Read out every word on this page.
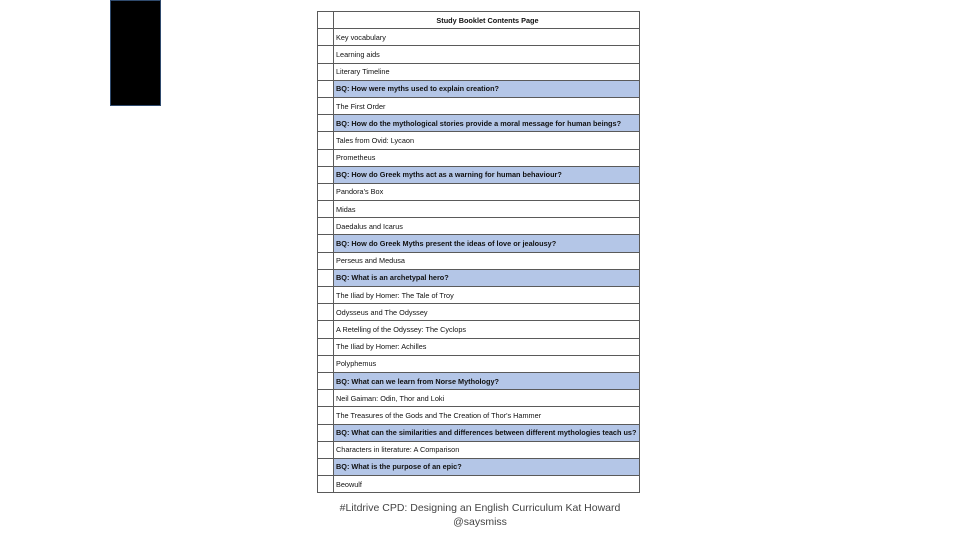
	Study Booklet Contents Page
	Key vocabulary
	Learning aids
	Literary Timeline
	BQ: How were myths used to explain creation?
	The First Order
	BQ: How do the mythological stories provide a moral message for human beings?
	Tales from Ovid: Lycaon
	Prometheus
	BQ: How do Greek myths act as a warning for human behaviour?
	Pandora's Box
	Midas
	Daedalus and Icarus
	BQ: How do Greek Myths present the ideas of love or jealousy?
	Perseus and Medusa
	BQ: What is an archetypal hero?
	The Iliad by Homer: The Tale of Troy
	Odysseus and The Odyssey
	A Retelling of the Odyssey: The Cyclops
	The Iliad by Homer: Achilles
	Polyphemus
	BQ: What can we learn from Norse Mythology?
	Neil Gaiman: Odin, Thor and Loki
	The Treasures of the Gods and The Creation of Thor's Hammer
	BQ: What can the similarities and differences between different mythologies teach us?
	Characters in literature: A Comparison
	BQ: What is the purpose of an epic?
	Beowulf
#Litdrive CPD: Designing an English Curriculum Kat Howard
@saysmiss
